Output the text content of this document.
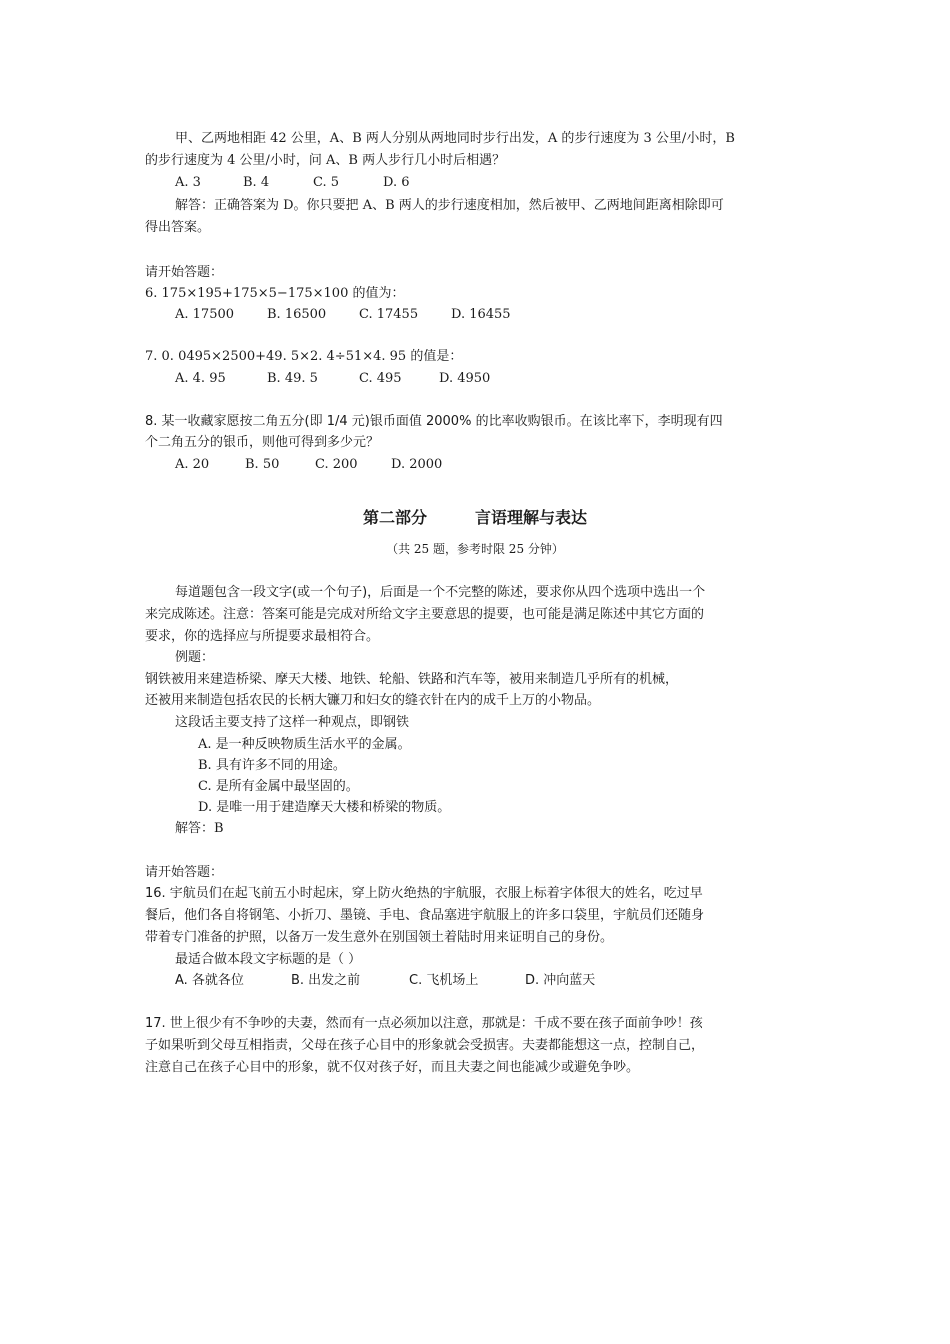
甲、乙两地相距 42 公里，A、B 两人分别从两地同时步行出发，A 的步行速度为 3 公里/小时，B
的步行速度为 4 公里/小时，问 A、B 两人步行几小时后相遇？
A. 3	B. 4	C. 5	D. 6
解答：正确答案为 D。你只要把 A、B 两人的步行速度相加，然后被甲、乙两地间距离相除即可
得出答案。
请开始答题：
6. 175×195+175×5−175×100 的值为：
A. 17500	B. 16500	C. 17455	D. 16455
7. 0. 0495×2500+49. 5×2. 4÷51×4. 95 的值是：
A. 4. 95	B. 49. 5	C. 495	D. 4950
8. 某一收藏家愿按二角五分(即 1/4 元)银币面值 2000% 的比率收购银币。在该比率下，李明现有四
个二角五分的银币，则他可得到多少元？
A. 20	B. 50	C. 200	D. 2000
第二部分	言语理解与表达
（共 25 题，参考时限 25 分钟）
每道题包含一段文字(或一个句子)，后面是一个不完整的陈述，要求你从四个选项中选出一个
来完成陈述。注意：答案可能是完成对所给文字主要意思的提要，也可能是满足陈述中其它方面的
要求，你的选择应与所提要求最相符合。
例题：
钢铁被用来建造桥梁、摩天大楼、地铁、轮船、铁路和汽车等，被用来制造几乎所有的机械，
还被用来制造包括农民的长柄大镰刀和妇女的缝衣针在内的成千上万的小物品。
这段话主要支持了这样一种观点，即钢铁
A. 是一种反映物质生活水平的金属。
B. 具有许多不同的用途。
C. 是所有金属中最坚固的。
D. 是唯一用于建造摩天大楼和桥梁的物质。
解答：B
请开始答题：
16. 宇航员们在起飞前五小时起床，穿上防火绝热的宇航服，衣服上标着字体很大的姓名，吃过早
餐后，他们各自将钢笔、小折刀、墨镜、手电、食品塞进宇航服上的许多口袋里，宇航员们还随身
带着专门准备的护照，以备万一发生意外在别国领土着陆时用来证明自己的身份。
最适合做本段文字标题的是（ ）
A. 各就各位	B. 出发之前	C. 飞机场上	D. 冲向蓝天
17. 世上很少有不争吵的夫妻，然而有一点必须加以注意，那就是：千成不要在孩子面前争吵！孩
子如果听到父母互相指责，父母在孩子心目中的形象就会受损害。夫妻都能想这一点，控制自己，
注意自己在孩子心目中的形象，就不仅对孩子好，而且夫妻之间也能减少或避免争吵。
